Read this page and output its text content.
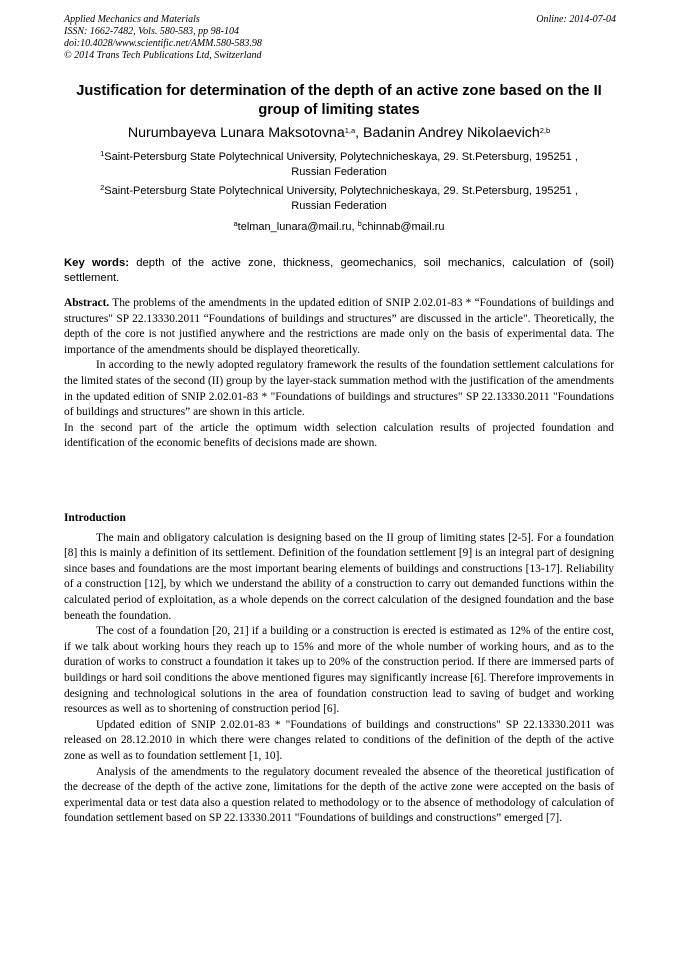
Applied Mechanics and Materials
ISSN: 1662-7482, Vols. 580-583, pp 98-104
doi:10.4028/www.scientific.net/AMM.580-583.98
© 2014 Trans Tech Publications Ltd, Switzerland
Online: 2014-07-04
Justification for determination of the depth of an active zone based on the II group of limiting states
Nurumbayeva Lunara Maksotovna$^{1,a}$, Badanin Andrey Nikolaevich$^{2,b}$
$^1$Saint-Petersburg State Polytechnical University, Polytechnicheskaya, 29. St.Petersburg, 195251 ,
Russian Federation
$^2$Saint-Petersburg State Polytechnical University, Polytechnicheskaya, 29. St.Petersburg, 195251 ,
Russian Federation
$^a$telman_lunara@mail.ru, $^b$chinnab@mail.ru
Key words: depth of the active zone, thickness, geomechanics, soil mechanics, calculation of (soil) settlement.

Abstract. The problems of the amendments in the updated edition of SNIP 2.02.01-83 * “Foundations of buildings and structures" SP 22.13330.2011 “Foundations of buildings and structures” are discussed in the article". Theoretically, the depth of the core is not justified anywhere and the restrictions are made only on the basis of experimental data. The importance of the amendments should be displayed theoretically.

In according to the newly adopted regulatory framework the results of the foundation settlement calculations for the limited states of the second (II) group by the layer-stack summation method with the justification of the amendments in the updated edition of SNIP 2.02.01-83 * "Foundations of buildings and structures" SP 22.13330.2011 "Foundations of buildings and structures” are shown in this article.

In the second part of the article the optimum width selection calculation results of projected foundation and identification of the economic benefits of decisions made are shown.

Introduction

The main and obligatory calculation is designing based on the II group of limiting states [2-5]. For a foundation [8] this is mainly a definition of its settlement. Definition of the foundation settlement [9] is an integral part of designing since bases and foundations are the most important bearing elements of buildings and constructions [13-17]. Reliability of a construction [12], by which we understand the ability of a construction to carry out demanded functions within the calculated period of exploitation, as a whole depends on the correct calculation of the designed foundation and the base beneath the foundation.

The cost of a foundation [20, 21] if a building or a construction is erected is estimated as 12% of the entire cost, if we talk about working hours they reach up to 15% and more of the whole number of working hours, and as to the duration of works to construct a foundation it takes up to 20% of the construction period. If there are immersed parts of buildings or hard soil conditions the above mentioned figures may significantly increase [6]. Therefore improvements in designing and technological solutions in the area of foundation construction lead to saving of budget and working resources as well as to shortening of construction period [6].

Updated edition of SNIP 2.02.01-83 * "Foundations of buildings and constructions" SP 22.13330.2011 was released on 28.12.2010 in which there were changes related to conditions of the definition of the depth of the active zone as well as to foundation settlement [1, 10].

Analysis of the amendments to the regulatory document revealed the absence of the theoretical justification of the decrease of the depth of the active zone, limitations for the depth of the active zone were accepted on the basis of experimental data or test data also a question related to methodology or to the absence of methodology of calculation of foundation settlement based on SP 22.13330.2011 "Foundations of buildings and constructions” emerged [7].
